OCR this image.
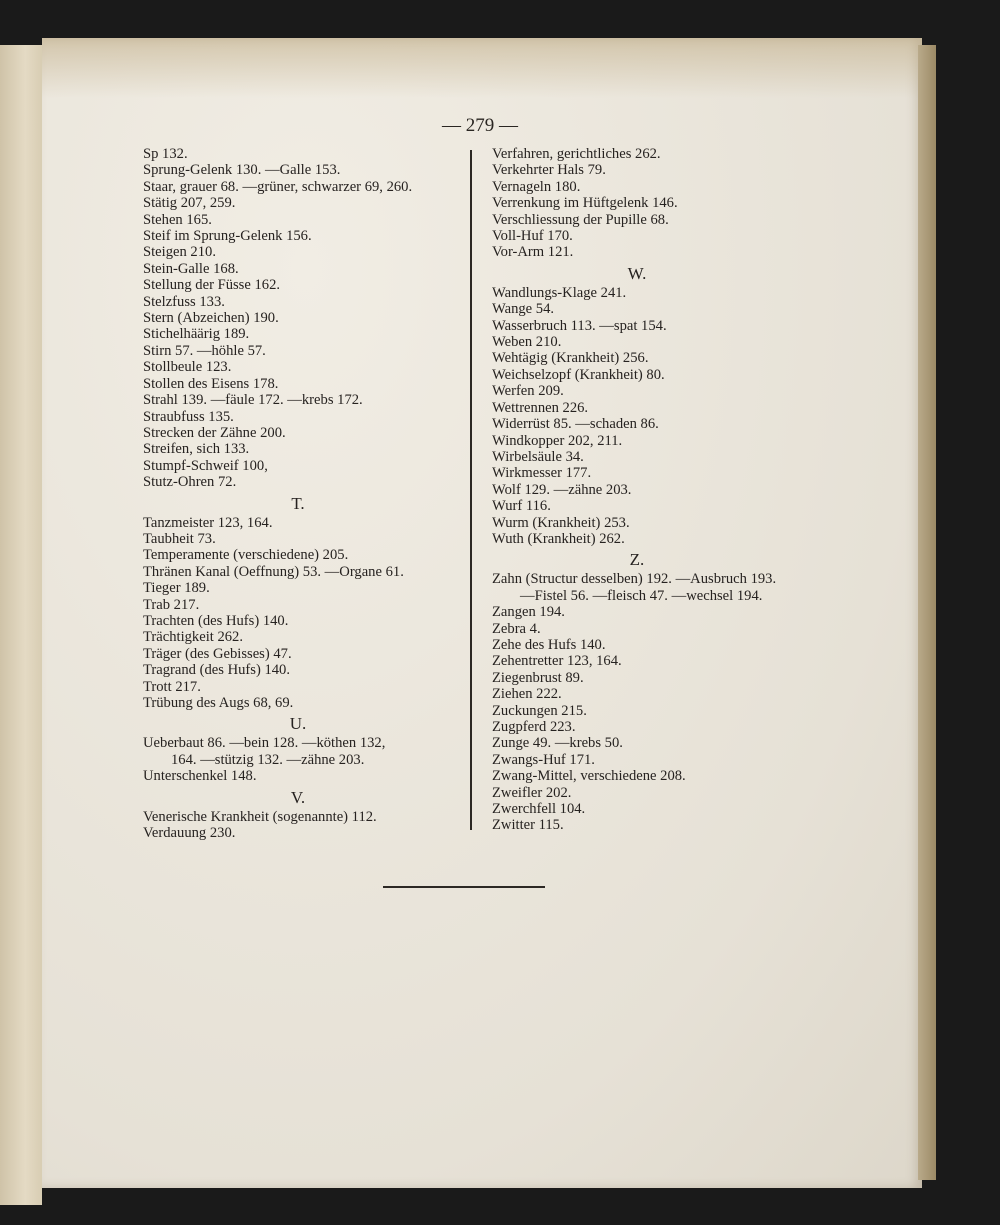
— 279 —
Sp 132.
Sprung-Gelenk 130. —Galle 153.
Staar, grauer 68. —grüner, schwarzer 69, 260.
Stätig 207, 259.
Stehen 165.
Steif im Sprung-Gelenk 156.
Steigen 210.
Stein-Galle 168.
Stellung der Füsse 162.
Stelzfuss 133.
Stern (Abzeichen) 190.
Stichelhäärig 189.
Stirn 57. —höhle 57.
Stollbeule 123.
Stollen des Eisens 178.
Strahl 139. —fäule 172. —krebs 172.
Straubfuss 135.
Strecken der Zähne 200.
Streifen, sich 133.
Stumpf-Schweif 100,
Stutz-Ohren 72.
T.
Tanzmeister 123, 164.
Taubheit 73.
Temperamente (verschiedene) 205.
Thränen Kanal (Oeffnung) 53. —Organe 61.
Tieger 189.
Trab 217.
Trachten (des Hufs) 140.
Trächtigkeit 262.
Träger (des Gebisses) 47.
Tragrand (des Hufs) 140.
Trott 217.
Trübung des Augs 68, 69.
U.
Ueberbaut 86. —bein 128. —köthen 132,
164. —stützig 132. —zähne 203.
Unterschenkel 148.
V.
Venerische Krankheit (sogenannte) 112.
Verdauung 230.
Verfahren, gerichtliches 262.
Verkehrter Hals 79.
Vernageln 180.
Verrenkung im Hüftgelenk 146.
Verschliessung der Pupille 68.
Voll-Huf 170.
Vor-Arm 121.
W.
Wandlungs-Klage 241.
Wange 54.
Wasserbruch 113. —spat 154.
Weben 210.
Wehtägig (Krankheit) 256.
Weichselzopf (Krankheit) 80.
Werfen 209.
Wettrennen 226.
Widerrüst 85. —schaden 86.
Windkopper 202, 211.
Wirbelsäule 34.
Wirkmesser 177.
Wolf 129. —zähne 203.
Wurf 116.
Wurm (Krankheit) 253.
Wuth (Krankheit) 262.
Z.
Zahn (Structur desselben) 192. —Ausbruch 193.
—Fistel 56. —fleisch 47. —wechsel 194.
Zangen 194.
Zebra 4.
Zehe des Hufs 140.
Zehentretter 123, 164.
Ziegenbrust 89.
Ziehen 222.
Zuckungen 215.
Zugpferd 223.
Zunge 49. —krebs 50.
Zwangs-Huf 171.
Zwang-Mittel, verschiedene 208.
Zweifler 202.
Zwerchfell 104.
Zwitter 115.
